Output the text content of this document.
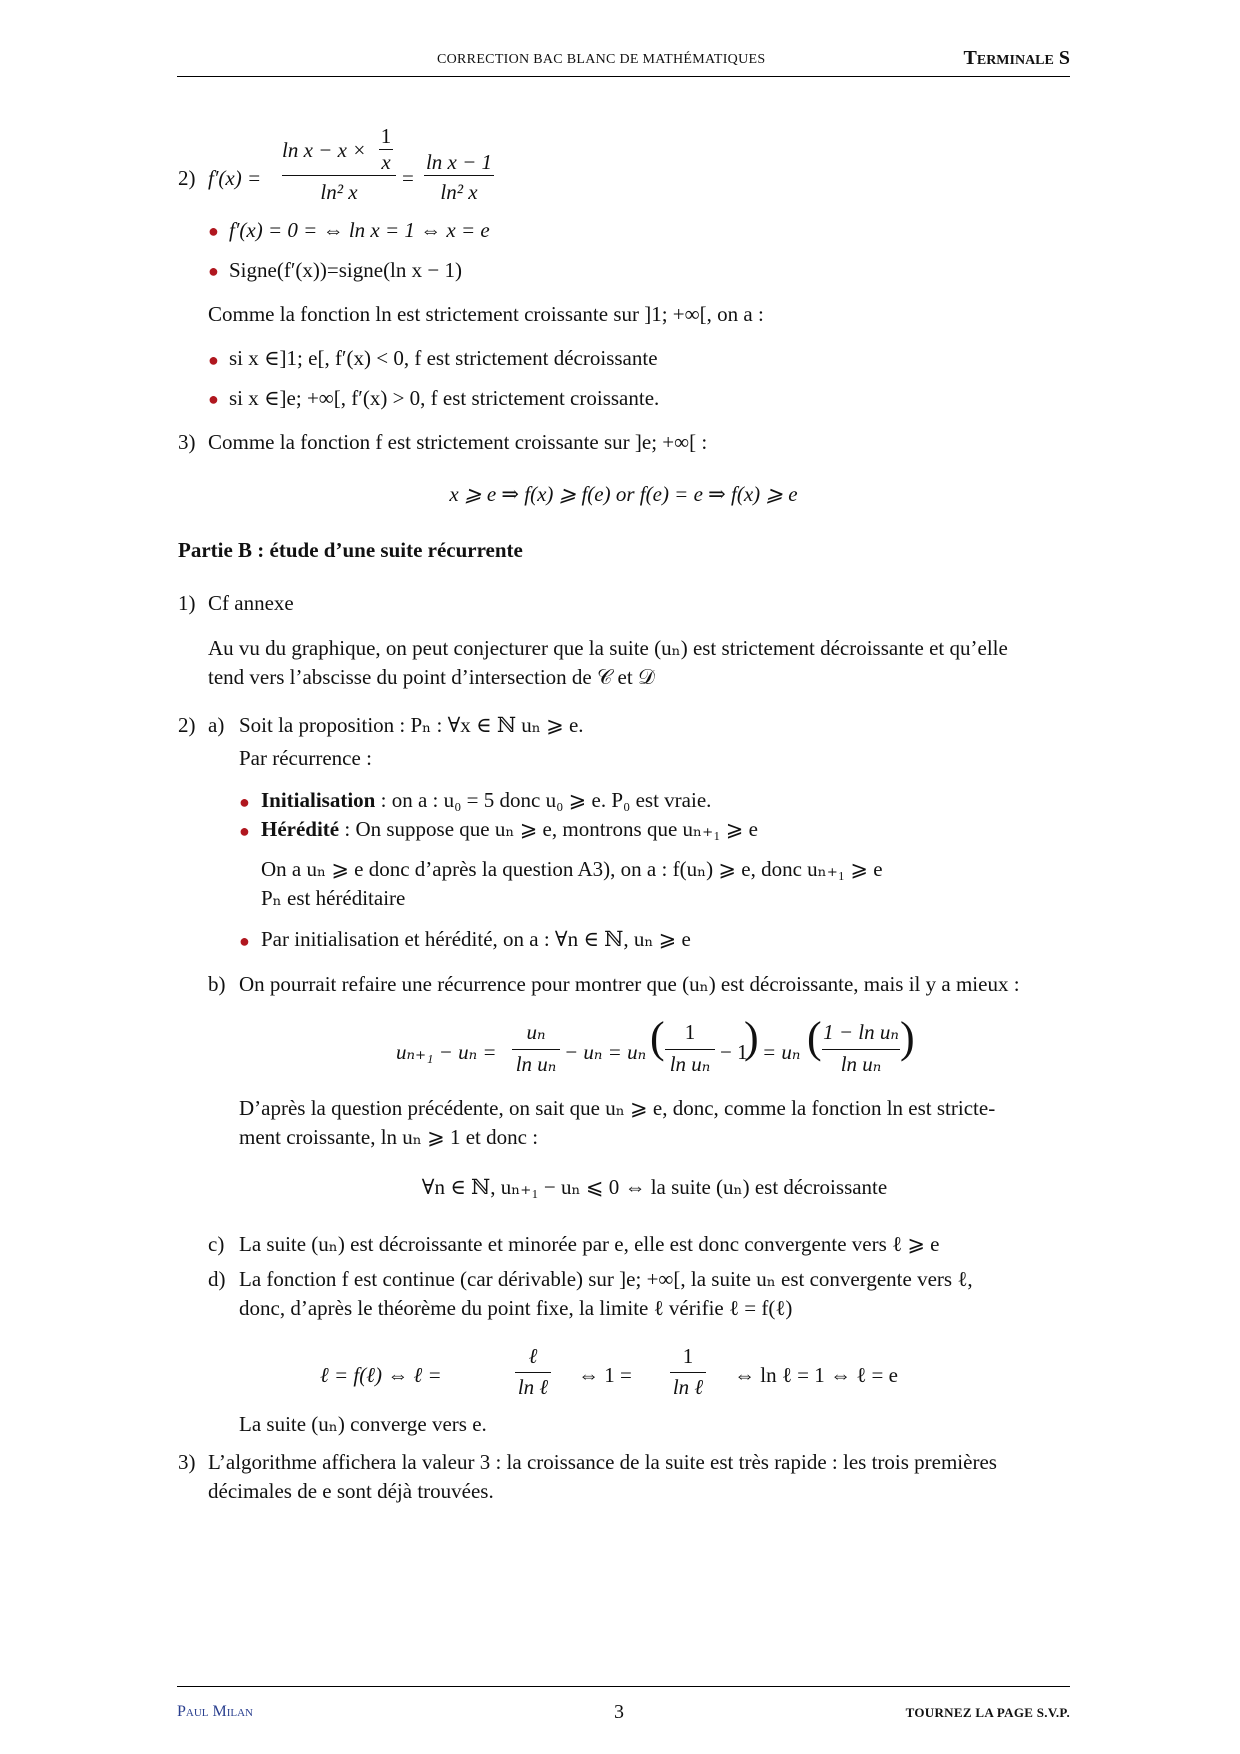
CORRECTION BAC BLANC DE MATHÉMATIQUES	Terminale S
2) f′(x) =
ln x − x ×
1
x
ln² x
=
ln x − 1
ln² x
● f′(x) = 0 = ⇔ ln x = 1 ⇔ x = e
● Signe(f′(x))=signe(ln x − 1)
Comme la fonction ln est strictement croissante sur ]1; +∞[, on a :
● si x ∈]1; e[, f′(x) < 0, f est strictement décroissante
● si x ∈]e; +∞[, f′(x) > 0, f est strictement croissante.
3) Comme la fonction f est strictement croissante sur ]e; +∞[ :
x ⩾ e ⇒ f(x) ⩾ f(e) or f(e) = e ⇒ f(x) ⩾ e
Partie B : étude d’une suite récurrente
1) Cf annexe
Au vu du graphique, on peut conjecturer que la suite (uₙ) est strictement décroissante et qu’elle
tend vers l’abscisse du point d’intersection de 𝒞 et 𝒟
2) a) Soit la proposition : Pₙ : ∀x ∈ ℕ uₙ ⩾ e.
Par récurrence :
● Initialisation : on a : u₀ = 5 donc u₀ ⩾ e. P₀ est vraie.
● Hérédité : On suppose que uₙ ⩾ e, montrons que uₙ₊₁ ⩾ e
On a uₙ ⩾ e donc d’après la question A3), on a : f(uₙ) ⩾ e, donc uₙ₊₁ ⩾ e
Pₙ est héréditaire
● Par initialisation et hérédité, on a : ∀n ∈ ℕ, uₙ ⩾ e
b) On pourrait refaire une récurrence pour montrer que (uₙ) est décroissante, mais il y a mieux :
uₙ₊₁ − uₙ =
uₙ
ln uₙ − uₙ = uₙ ( 1
ln uₙ − 1
) = uₙ ( 1 − ln uₙ
ln uₙ
)
D’après la question précédente, on sait que uₙ ⩾ e, donc, comme la fonction ln est stricte-
ment croissante, ln uₙ ⩾ 1 et donc :
∀n ∈ ℕ, uₙ₊₁ − uₙ ⩽ 0 ⇔ la suite (uₙ) est décroissante
c) La suite (uₙ) est décroissante et minorée par e, elle est donc convergente vers ℓ ⩾ e
d) La fonction f est continue (car dérivable) sur ]e; +∞[, la suite uₙ est convergente vers ℓ,
donc, d’après le théorème du point fixe, la limite ℓ vérifie ℓ = f(ℓ)
ℓ = f(ℓ) ⇔ ℓ =
ℓ
ln ℓ ⇔ 1 =
1
ln ℓ ⇔ ln ℓ = 1 ⇔ ℓ = e
La suite (uₙ) converge vers e.
3) L’algorithme affichera la valeur 3 : la croissance de la suite est très rapide : les trois premières
décimales de e sont déjà trouvées.
Paul Milan	3	TOURNEZ LA PAGE S.V.P.
